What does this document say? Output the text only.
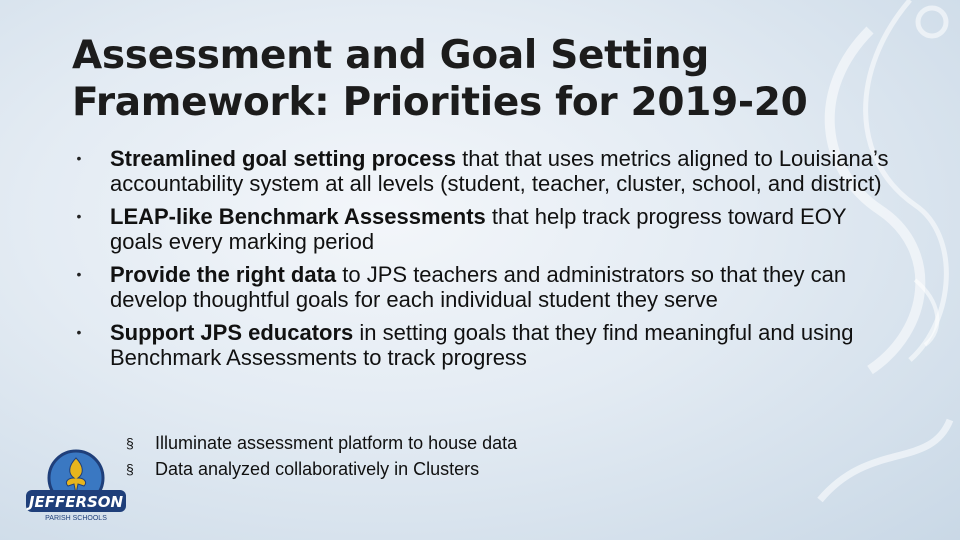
Assessment and Goal Setting
Framework: Priorities for 2019-20
• Streamlined goal setting process that that uses metrics aligned to Louisiana’s accountability system at all levels (student, teacher, cluster, school, and district)
• LEAP-like Benchmark Assessments that help track progress toward EOY goals every marking period
• Provide the right data to JPS teachers and administrators so that they can develop thoughtful goals for each individual student they serve
• Support JPS educators in setting goals that they find meaningful and using Benchmark Assessments to track progress
§ Illuminate assessment platform to house data
§ Data analyzed collaboratively in Clusters
JEFFERSON
PARISH SCHOOLS
